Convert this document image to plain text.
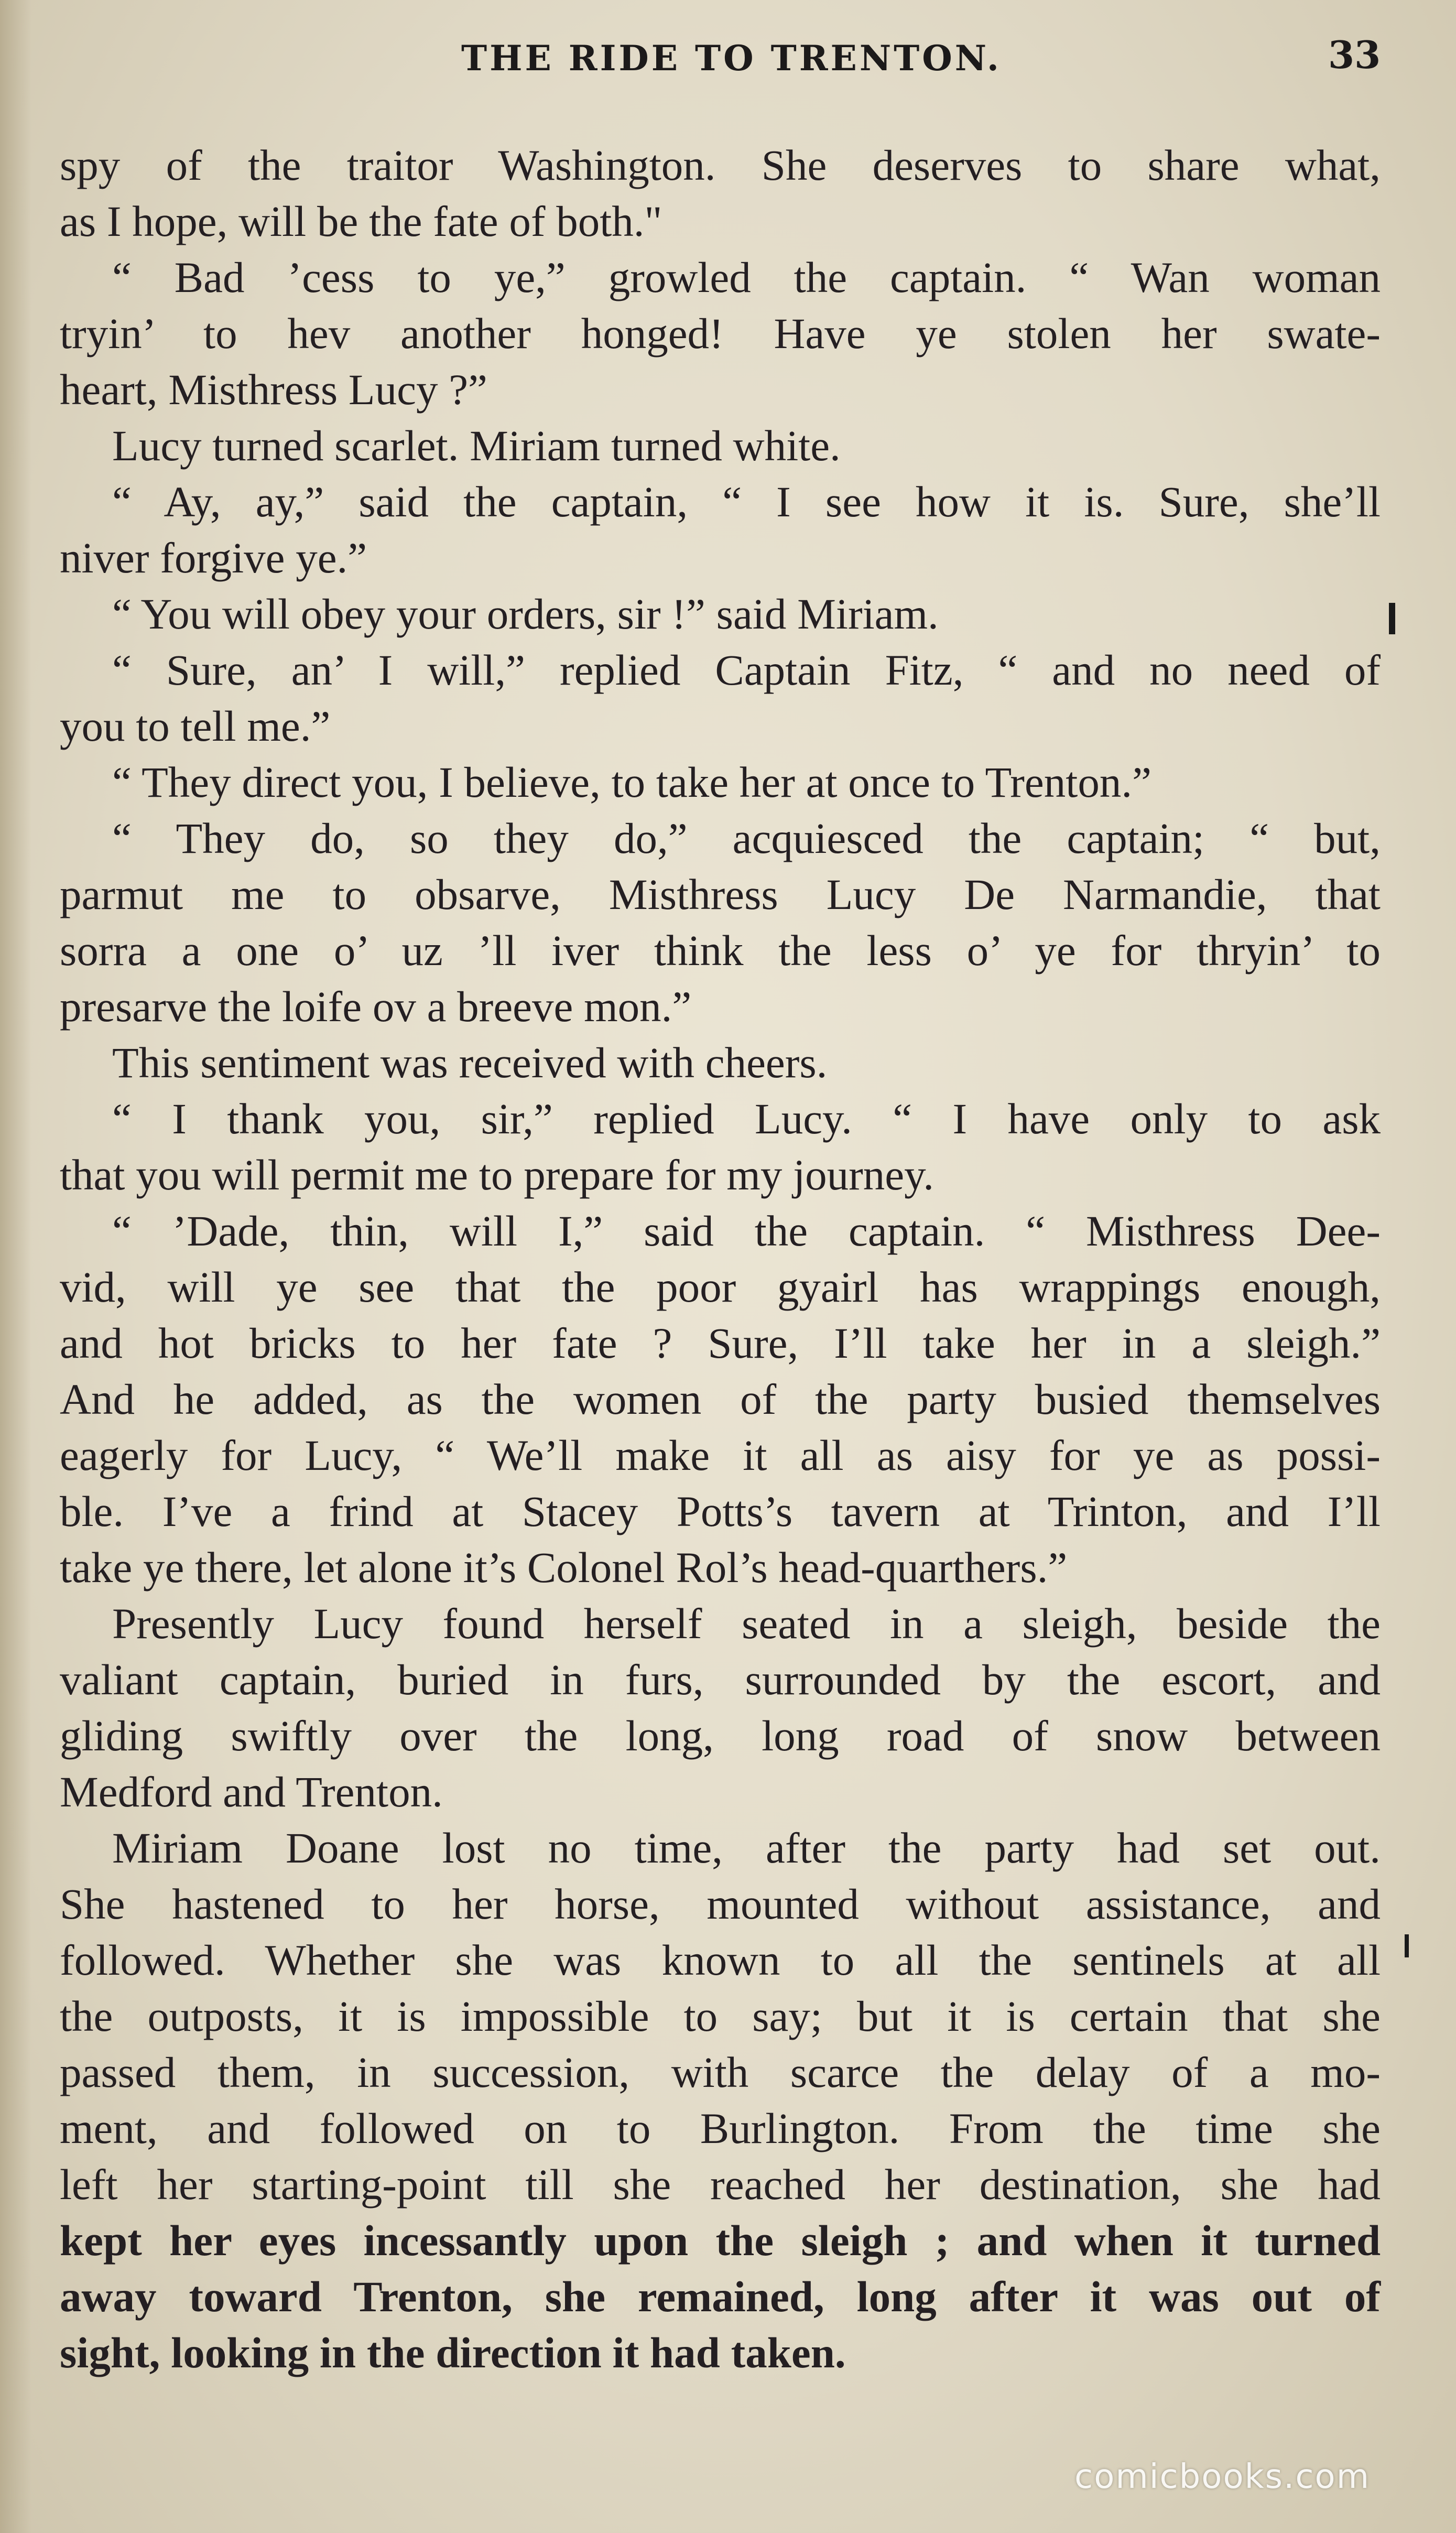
THE RIDE TO TRENTON.	33
spy of the traitor Washington. She deserves to share what,
as I hope, will be the fate of both."
“ Bad ’cess to ye,” growled the captain. “ Wan woman
tryin’ to hev another honged! Have ye stolen her swate-
heart, Misthress Lucy ?”
Lucy turned scarlet. Miriam turned white.
“ Ay, ay,” said the captain, “ I see how it is. Sure, she’ll
niver forgive ye.”
“ You will obey your orders, sir !” said Miriam.
“ Sure, an’ I will,” replied Captain Fitz, “ and no need of
you to tell me.”
“ They direct you, I believe, to take her at once to Trenton.”
“ They do, so they do,” acquiesced the captain; “ but,
parmut me to obsarve, Misthress Lucy De Narmandie, that
sorra a one o’ uz ’ll iver think the less o’ ye for thryin’ to
presarve the loife ov a breeve mon.”
This sentiment was received with cheers.
“ I thank you, sir,” replied Lucy. “ I have only to ask
that you will permit me to prepare for my journey.
“ ’Dade, thin, will I,” said the captain. “ Misthress Dee-
vid, will ye see that the poor gyairl has wrappings enough,
and hot bricks to her fate ? Sure, I’ll take her in a sleigh.”
And he added, as the women of the party busied themselves
eagerly for Lucy, “ We’ll make it all as aisy for ye as possi-
ble. I’ve a frind at Stacey Potts’s tavern at Trinton, and I’ll
take ye there, let alone it’s Colonel Rol’s head-quarthers.”
Presently Lucy found herself seated in a sleigh, beside the
valiant captain, buried in furs, surrounded by the escort, and
gliding swiftly over the long, long road of snow between
Medford and Trenton.
Miriam Doane lost no time, after the party had set out.
She hastened to her horse, mounted without assistance, and
followed. Whether she was known to all the sentinels at all
the outposts, it is impossible to say; but it is certain that she
passed them, in succession, with scarce the delay of a mo-
ment, and followed on to Burlington. From the time she
left her starting-point till she reached her destination, she had
kept her eyes incessantly upon the sleigh ; and when it turned
away toward Trenton, she remained, long after it was out of
sight, looking in the direction it had taken.
comicbooks.com
